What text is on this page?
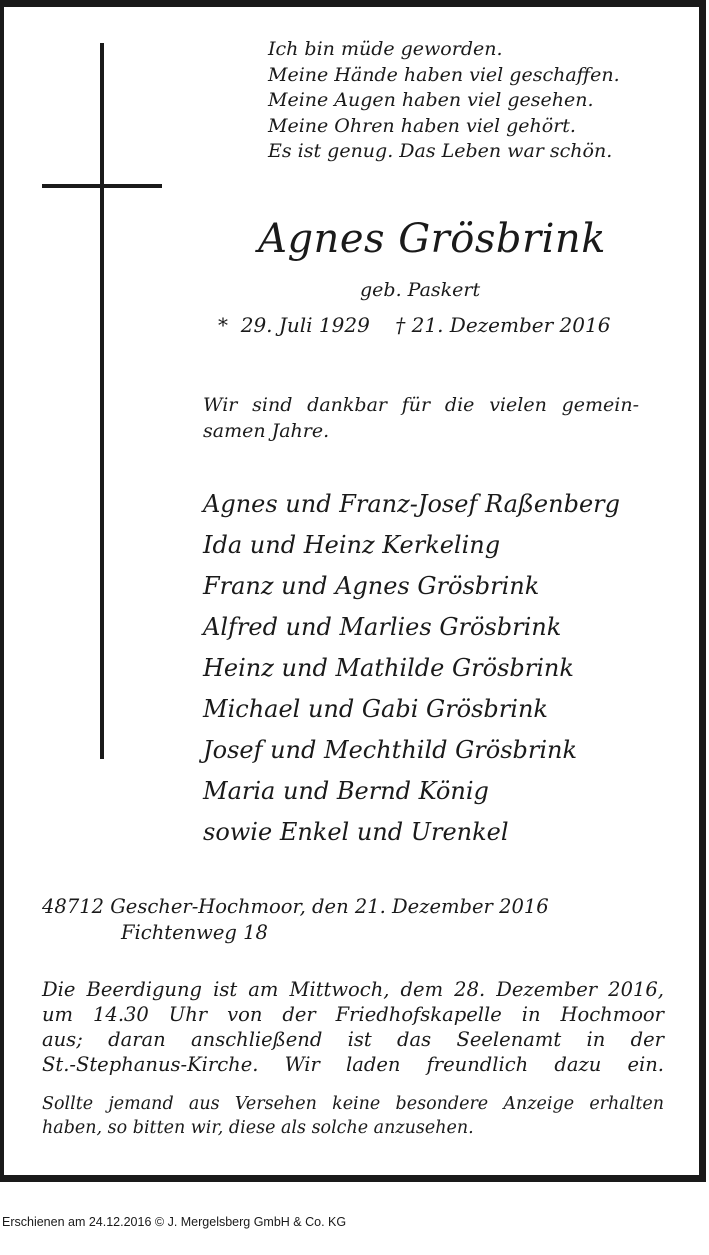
Ich bin müde geworden.
Meine Hände haben viel geschaffen.
Meine Augen haben viel gesehen.
Meine Ohren haben viel gehört.
Es ist genug. Das Leben war schön.
Agnes Grösbrink
geb. Paskert
*  29. Juli 1929    † 21. Dezember 2016
Wir sind dankbar für die vielen gemein-
samen Jahre.
Agnes und Franz-Josef Raßenberg
Ida und Heinz Kerkeling
Franz und Agnes Grösbrink
Alfred und Marlies Grösbrink
Heinz und Mathilde Grösbrink
Michael und Gabi Grösbrink
Josef und Mechthild Grösbrink
Maria und Bernd König
sowie Enkel und Urenkel
48712 Gescher-Hochmoor, den 21. Dezember 2016
Fichtenweg 18
Die Beerdigung ist am Mittwoch, dem 28. Dezember 2016,
um 14.30 Uhr von der Friedhofskapelle in Hochmoor
aus; daran anschließend ist das Seelenamt in der
St.-Stephanus-Kirche. Wir laden freundlich dazu ein.
Sollte jemand aus Versehen keine besondere Anzeige erhalten
haben, so bitten wir, diese als solche anzusehen.
Erschienen am 24.12.2016 © J. Mergelsberg GmbH & Co. KG
